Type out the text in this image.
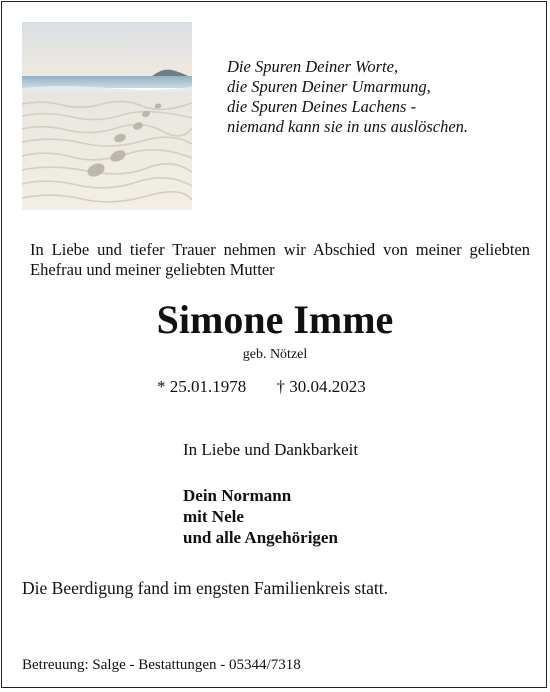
Die Spuren Deiner Worte,
die Spuren Deiner Umarmung,
die Spuren Deines Lachens -
niemand kann sie in uns auslöschen.
In Liebe und tiefer Trauer nehmen wir Abschied von meiner geliebten Ehefrau und meiner geliebten Mutter
Simone Imme
geb. Nötzel
* 25.01.1978 † 30.04.2023
In Liebe und Dankbarkeit
Dein Normann
mit Nele
und alle Angehörigen
Die Beerdigung fand im engsten Familienkreis statt.
Betreuung: Salge - Bestattungen - 05344/7318
